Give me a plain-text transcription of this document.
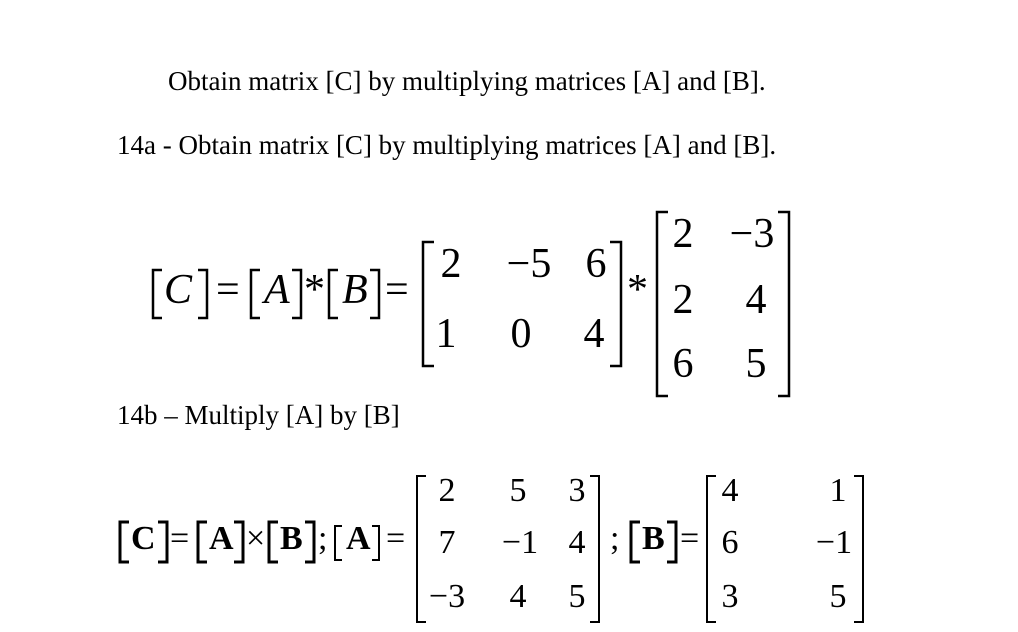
Obtain matrix [C] by multiplying matrices [A] and [B].
14a - Obtain matrix [C] by multiplying matrices [A] and [B].
C = A * B =
2 −5 6
1 0 4
*
2 −3
2 4
6 5
14b – Multiply [A] by [B]
C = A × B ; A =
2 5 3
7 −1 4
−3 4 5
; B =
4	1
6 −1
3	5
